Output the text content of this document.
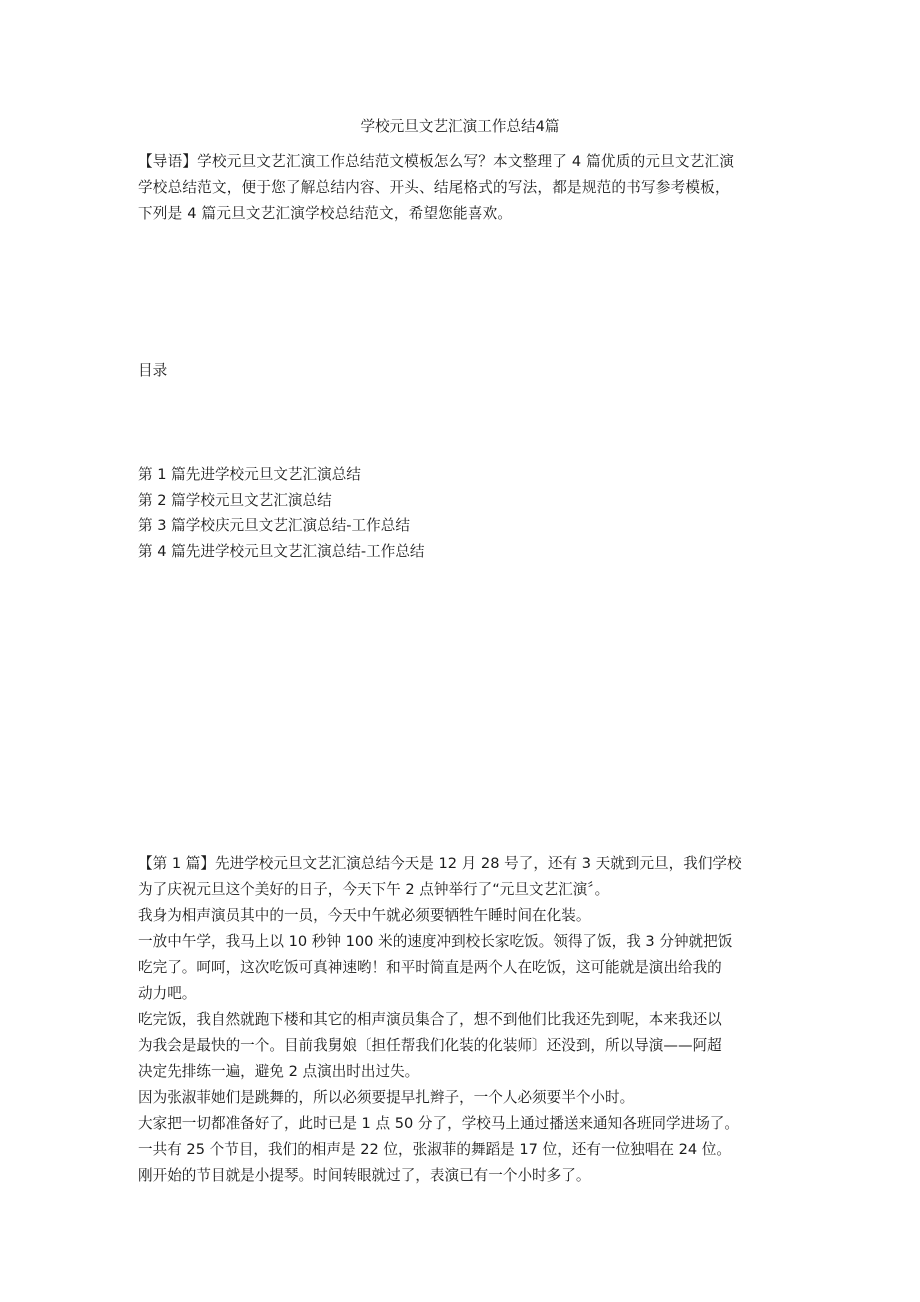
学校元旦文艺汇演工作总结4篇
【导语】学校元旦文艺汇演工作总结范文模板怎么写？本文整理了 4 篇优质的元旦文艺汇演
学校总结范文，便于您了解总结内容、开头、结尾格式的写法，都是规范的书写参考模板，
下列是 4 篇元旦文艺汇演学校总结范文，希望您能喜欢。
目录
第 1 篇先进学校元旦文艺汇演总结
第 2 篇学校元旦文艺汇演总结
第 3 篇学校庆元旦文艺汇演总结-工作总结
第 4 篇先进学校元旦文艺汇演总结-工作总结
【第 1 篇】先进学校元旦文艺汇演总结今天是 12 月 28 号了，还有 3 天就到元旦，我们学校
为了庆祝元旦这个美好的日子，今天下午 2 点钟举行了“元旦文艺汇演〞。
我身为相声演员其中的一员，今天中午就必须要牺牲午睡时间在化装。
一放中午学，我马上以 10 秒钟 100 米的速度冲到校长家吃饭。领得了饭，我 3 分钟就把饭
吃完了。呵呵，这次吃饭可真神速哟！和平时简直是两个人在吃饭，这可能就是演出给我的
动力吧。
吃完饭，我自然就跑下楼和其它的相声演员集合了，想不到他们比我还先到呢，本来我还以
为我会是最快的一个。目前我舅娘〔担任帮我们化装的化装师〕还没到，所以导演——阿超
决定先排练一遍，避免 2 点演出时出过失。
因为张淑菲她们是跳舞的，所以必须要提早扎辫子，一个人必须要半个小时。
大家把一切都准备好了，此时已是 1 点 50 分了，学校马上通过播送来通知各班同学进场了。
一共有 25 个节目，我们的相声是 22 位，张淑菲的舞蹈是 17 位，还有一位独唱在 24 位。
刚开始的节目就是小提琴。时间转眼就过了，表演已有一个小时多了。
